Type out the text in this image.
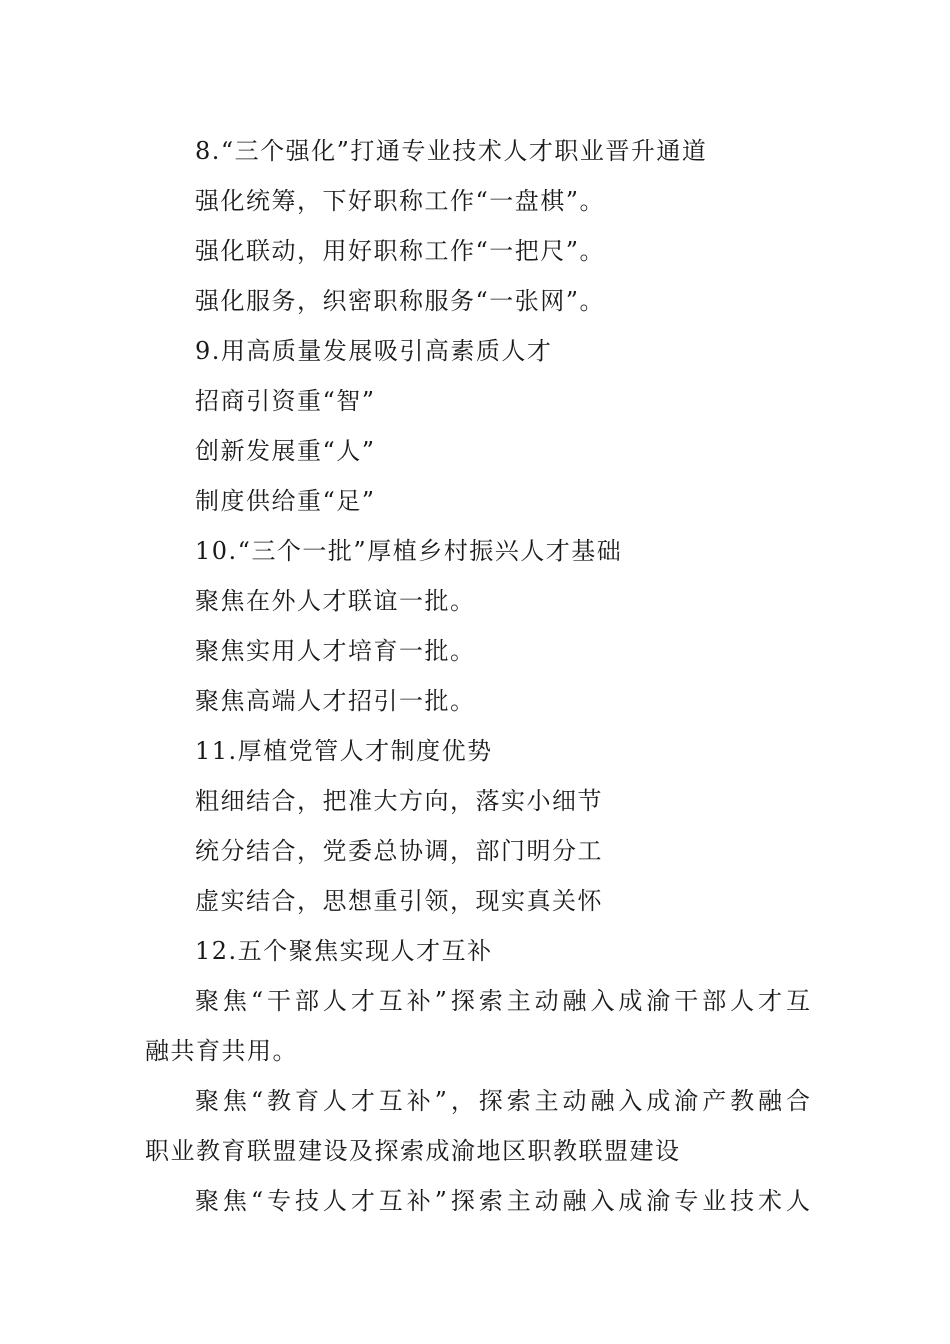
8.“三个强化”打通专业技术人才职业晋升通道
强化统筹，下好职称工作“一盘棋”。
强化联动，用好职称工作“一把尺”。
强化服务，织密职称服务“一张网”。
9.用高质量发展吸引高素质人才
招商引资重“智”
创新发展重“人”
制度供给重“足”
10.“三个一批”厚植乡村振兴人才基础
聚焦在外人才联谊一批。
聚焦实用人才培育一批。
聚焦高端人才招引一批。
11.厚植党管人才制度优势
粗细结合，把准大方向，落实小细节
统分结合，党委总协调，部门明分工
虚实结合，思想重引领，现实真关怀
12.五个聚焦实现人才互补
聚焦“干部人才互补”探索主动融入成渝干部人才互
融共育共用。
聚焦“教育人才互补”，探索主动融入成渝产教融合
职业教育联盟建设及探索成渝地区职教联盟建设
聚焦“专技人才互补”探索主动融入成渝专业技术人
